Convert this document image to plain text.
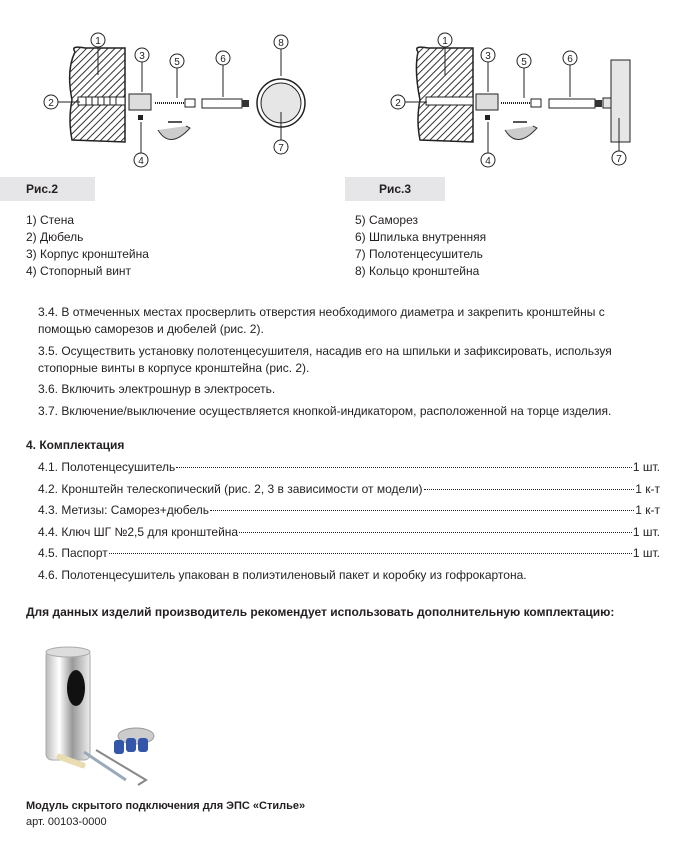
1
2
3
4
5	6
8
7
1
2
3
4
5	6
7
Рис.2	Рис.3
1) Стена
2) Дюбель
3) Корпус кронштейна
4) Стопорный винт
5) Саморез
6) Шпилька внутренняя
7) Полотенцесушитель
8) Кольцо кронштейна
3.4. В отмеченных местах просверлить отверстия необходимого диаметра и закрепить кронштейны с помощью саморезов и дюбелей (рис. 2).
3.5. Осуществить установку полотенцесушителя, насадив его на шпильки и зафиксировать, используя стопорные винты в корпусе кронштейна (рис. 2).
3.6. Включить электрошнур в электросеть.
3.7. Включение/выключение осуществляется кнопкой-индикатором, расположенной на торце изделия.
4. Комплектация
4.1. Полотенцесушитель	1 шт.
4.2. Кронштейн телескопический (рис. 2, 3 в зависимости от модели)	1 к-т
4.3. Метизы: Саморез+дюбель	1 к-т
4.4. Ключ ШГ №2,5 для кронштейна	1 шт.
4.5. Паспорт	1 шт.
4.6. Полотенцесушитель упакован в полиэтиленовый пакет и коробку из гофрокартона.
Для данных изделий производитель рекомендует использовать дополнительную комплектацию:
Модуль скрытого подключения для ЭПС «Стилье»
арт. 00103-0000
